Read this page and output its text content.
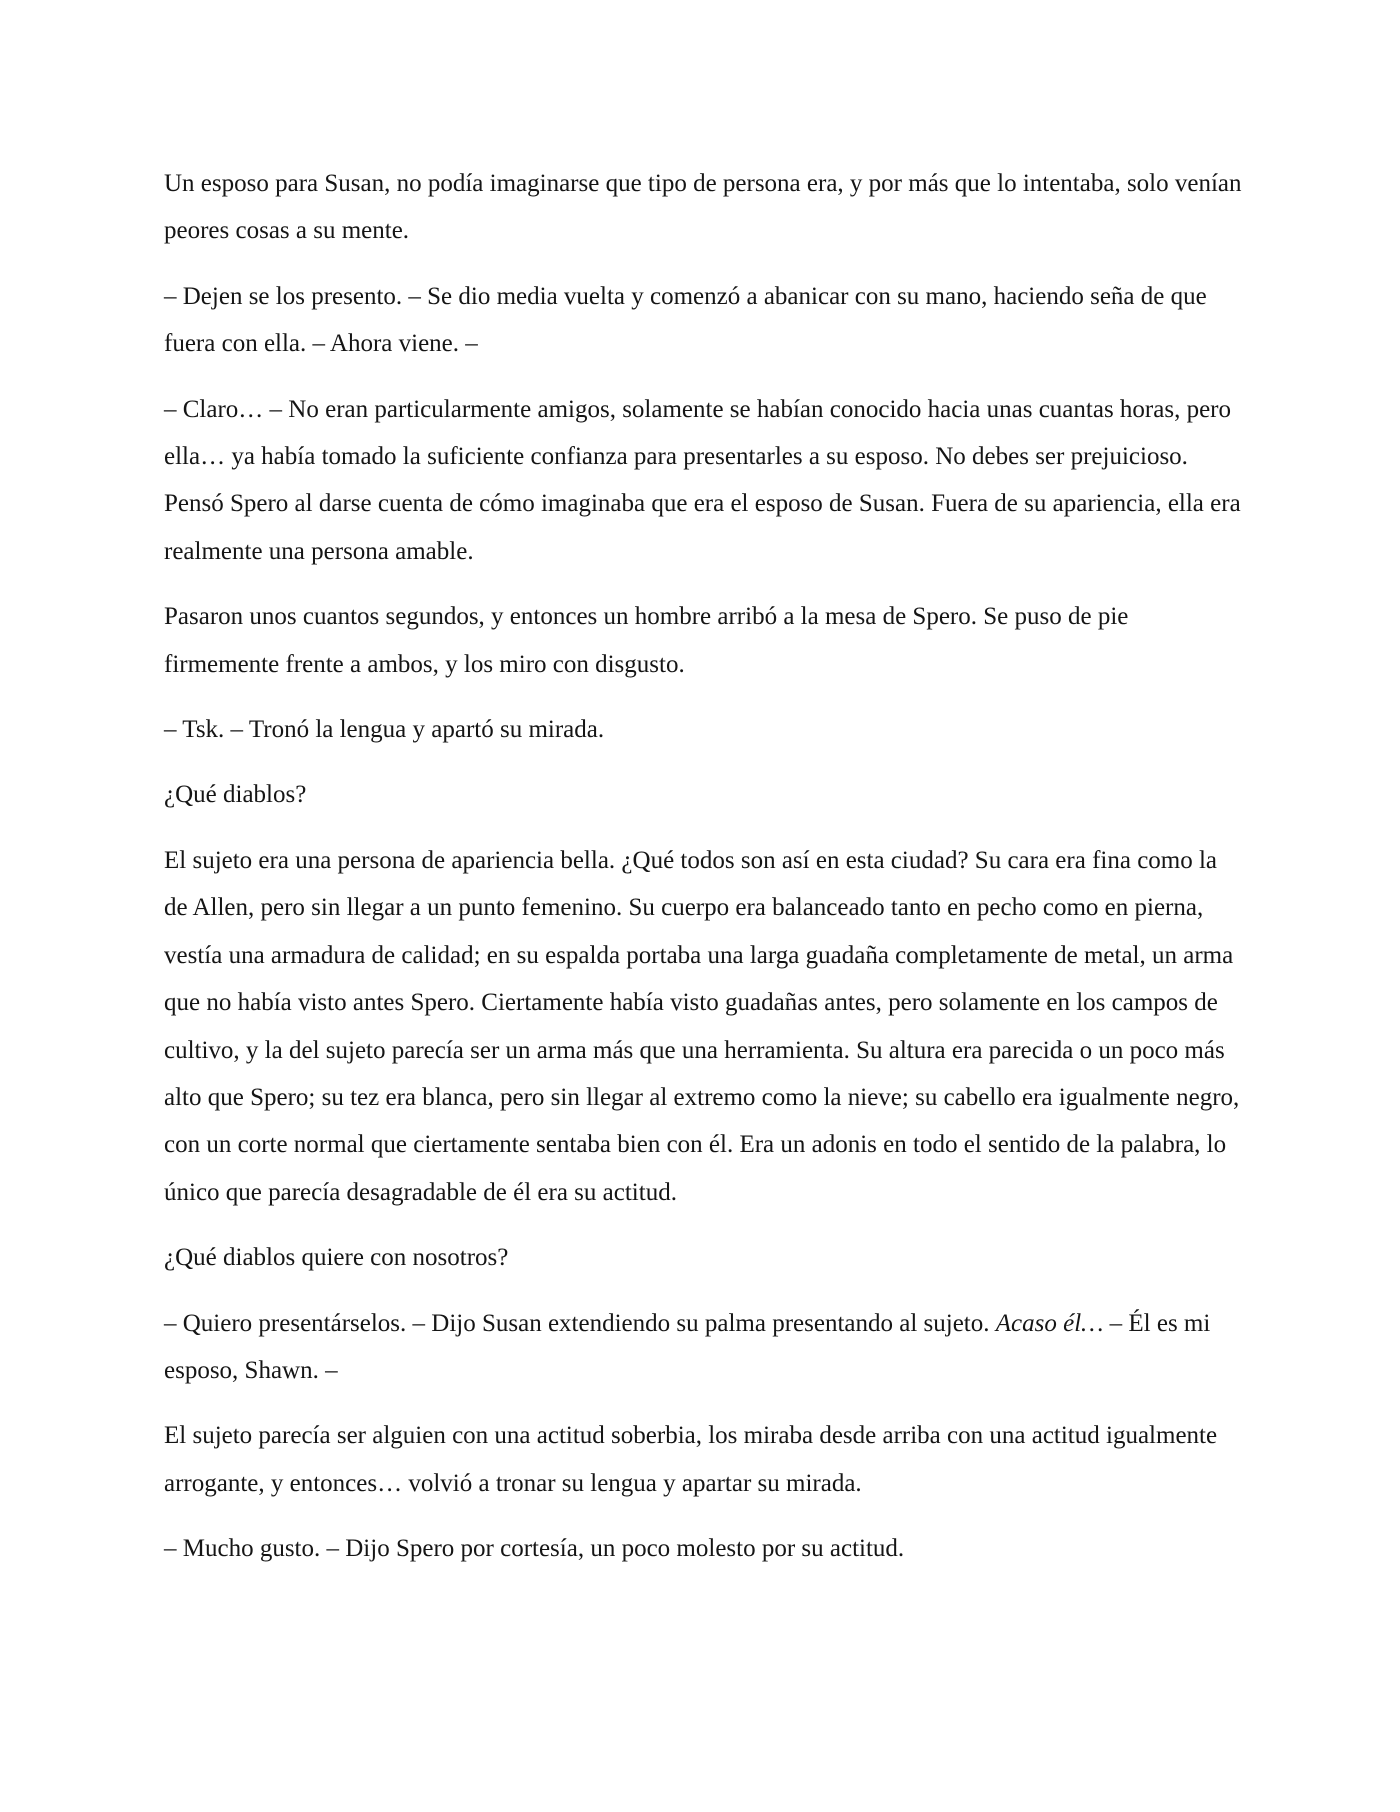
Un esposo para Susan, no podía imaginarse que tipo de persona era, y por más que lo intentaba, solo venían peores cosas a su mente.

– Dejen se los presento. – Se dio media vuelta y comenzó a abanicar con su mano, haciendo seña de que fuera con ella. – Ahora viene. –

– Claro… – No eran particularmente amigos, solamente se habían conocido hacia unas cuantas horas, pero ella… ya había tomado la suficiente confianza para presentarles a su esposo. No debes ser prejuicioso. Pensó Spero al darse cuenta de cómo imaginaba que era el esposo de Susan. Fuera de su apariencia, ella era realmente una persona amable.

Pasaron unos cuantos segundos, y entonces un hombre arribó a la mesa de Spero. Se puso de pie firmemente frente a ambos, y los miro con disgusto.

– Tsk. – Tronó la lengua y apartó su mirada.

¿Qué diablos?

El sujeto era una persona de apariencia bella. ¿Qué todos son así en esta ciudad? Su cara era fina como la de Allen, pero sin llegar a un punto femenino. Su cuerpo era balanceado tanto en pecho como en pierna, vestía una armadura de calidad; en su espalda portaba una larga guadaña completamente de metal, un arma que no había visto antes Spero. Ciertamente había visto guadañas antes, pero solamente en los campos de cultivo, y la del sujeto parecía ser un arma más que una herramienta. Su altura era parecida o un poco más alto que Spero; su tez era blanca, pero sin llegar al extremo como la nieve; su cabello era igualmente negro, con un corte normal que ciertamente sentaba bien con él. Era un adonis en todo el sentido de la palabra, lo único que parecía desagradable de él era su actitud.

¿Qué diablos quiere con nosotros?

– Quiero presentárselos. – Dijo Susan extendiendo su palma presentando al sujeto. Acaso él… – Él es mi esposo, Shawn. –

El sujeto parecía ser alguien con una actitud soberbia, los miraba desde arriba con una actitud igualmente arrogante, y entonces… volvió a tronar su lengua y apartar su mirada.

– Mucho gusto. – Dijo Spero por cortesía, un poco molesto por su actitud.
